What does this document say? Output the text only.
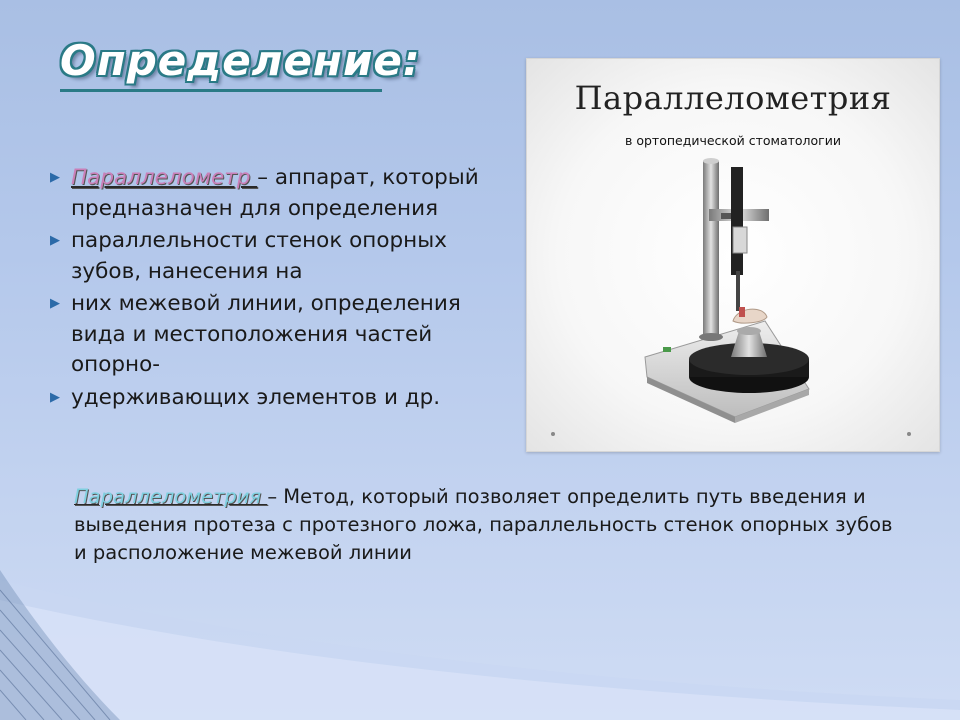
Определение:
▶ Параллелометр – аппарат, который предназначен для определения
▶ параллельности стенок опорных зубов, нанесения на
▶ них межевой линии, определения вида и местоположения частей опорно-
▶ удерживающих элементов и др.
Параллелометрия
в ортопедической стоматологии

Параллелометрия – Метод, который позволяет определить путь введения и
выведения протеза с протезного ложа, параллельность стенок опорных зубов и расположение межевой линии
